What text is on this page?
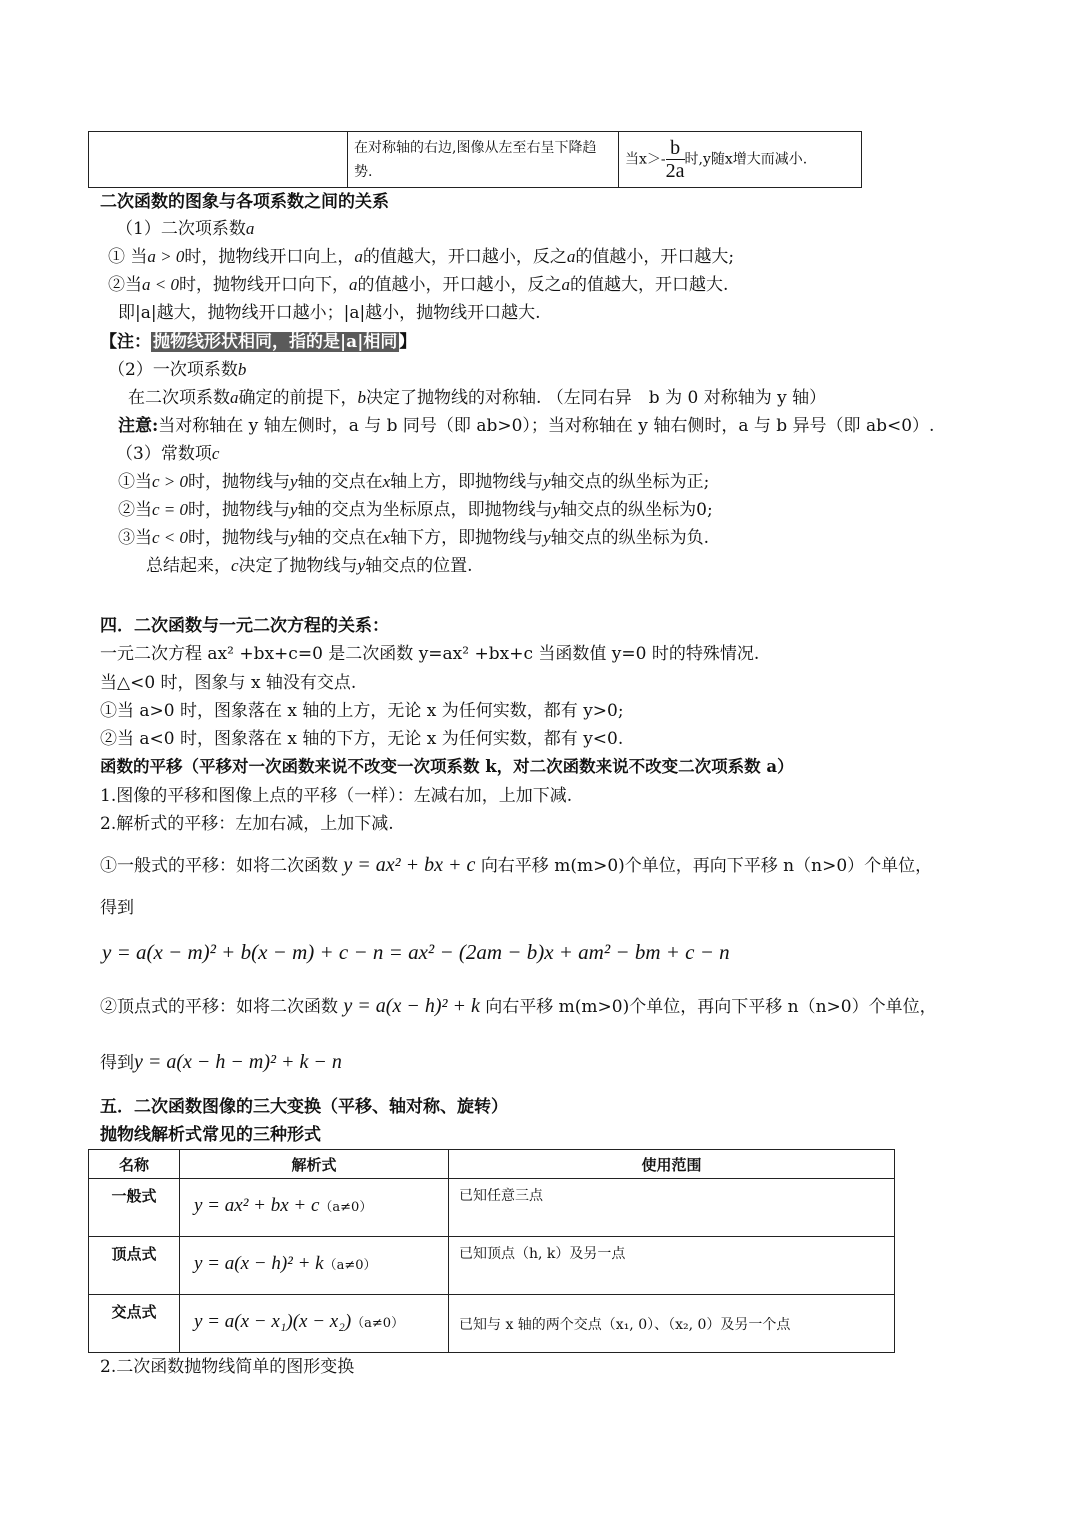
	在对称轴的右边,图像从左至右呈下降趋势.	当$x>- \frac{b}{2a}$ 时,y随x增大而减小.
二次函数的图象与各项系数之间的关系
（1）二次项系数a
① 当a > 0时，抛物线开口向上，a的值越大，开口越小，反之a的值越小，开口越大;
②当a < 0时，抛物线开口向下，a的值越小，开口越小，反之a的值越大，开口越大.
即|a|越大，抛物线开口越小；|a|越小，抛物线开口越大.
【注： 抛物线形状相同，指的是|a|相同 】
（2）一次项系数b
在二次项系数a确定的前提下，b决定了抛物线的对称轴. （左同右异　b 为 0 对称轴为 y 轴）
注意:当对称轴在 y 轴左侧时，a 与 b 同号（即 ab>0）；当对称轴在 y 轴右侧时，a 与 b 异号（即 ab<0）.
（3）常数项c
①当c > 0时，抛物线与y轴的交点在x轴上方，即抛物线与y轴交点的纵坐标为正;
②当c = 0时，抛物线与y轴的交点为坐标原点，即抛物线与y轴交点的纵坐标为0;
③当c < 0时，抛物线与y轴的交点在x轴下方，即抛物线与y轴交点的纵坐标为负.
总结起来，c决定了抛物线与y轴交点的位置.
四．二次函数与一元二次方程的关系：
一元二次方程 ax² +bx+c=0 是二次函数 y=ax² +bx+c 当函数值 y=0 时的特殊情况.
当△<0 时，图象与 x 轴没有交点.
①当 a>0 时，图象落在 x 轴的上方，无论 x 为任何实数，都有 y>0;
②当 a<0 时，图象落在 x 轴的下方，无论 x 为任何实数，都有 y<0.
函数的平移（平移对一次函数来说不改变一次项系数 k，对二次函数来说不改变二次项系数 a）
1.图像的平移和图像上点的平移（一样）：左减右加，上加下减.
2.解析式的平移：左加右减，上加下减.
①一般式的平移：如将二次函数 y = ax² + bx + c 向右平移 m(m>0)个单位，再向下平移 n（n>0）个单位，
得到
y = a(x − m)² + b(x − m) + c − n = ax² − (2am − b)x + am² − bm + c − n
②顶点式的平移：如将二次函数 y = a(x − h)² + k 向右平移 m(m>0)个单位，再向下平移 n（n>0）个单位，
得到y = a(x − h − m)² + k − n
五．二次函数图像的三大变换（平移、轴对称、旋转）
抛物线解析式常见的三种形式
名称	解析式	使用范围
一般式	y = ax² + bx + c（a≠0）	已知任意三点
顶点式	y = a(x − h)² + k（a≠0）	已知顶点（h, k）及另一点
交点式	y = a(x − x₁)(x − x₂)（a≠0）	已知与 x 轴的两个交点（x₁, 0）、（x₂, 0）及另一个点
2.二次函数抛物线简单的图形变换
